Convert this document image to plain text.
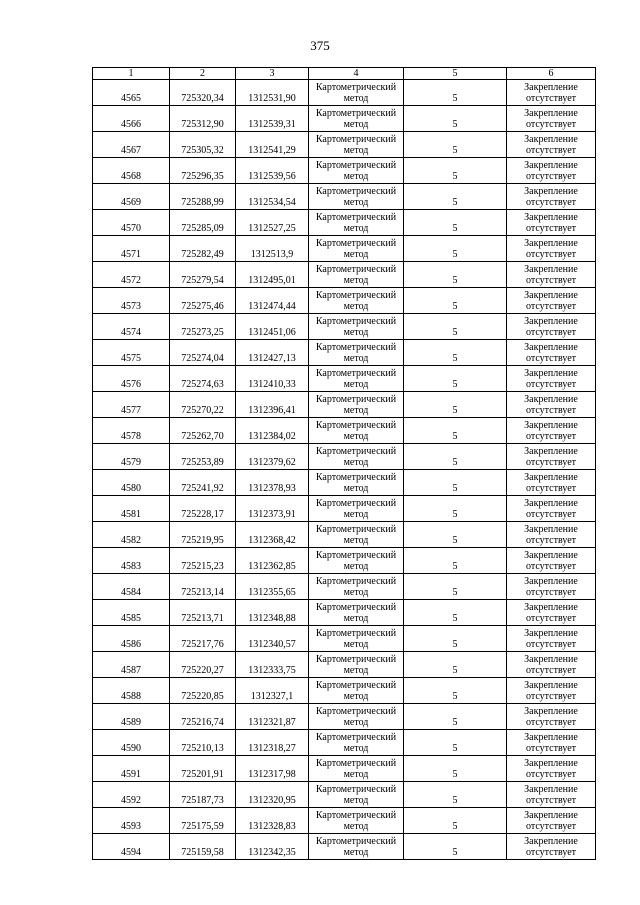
375
1	2	3	4	5	6
4565	725320,34	1312531,90	Картометрический метод	5	Закрепление отсутствует
4566	725312,90	1312539,31	Картометрический метод	5	Закрепление отсутствует
4567	725305,32	1312541,29	Картометрический метод	5	Закрепление отсутствует
4568	725296,35	1312539,56	Картометрический метод	5	Закрепление отсутствует
4569	725288,99	1312534,54	Картометрический метод	5	Закрепление отсутствует
4570	725285,09	1312527,25	Картометрический метод	5	Закрепление отсутствует
4571	725282,49	1312513,9	Картометрический метод	5	Закрепление отсутствует
4572	725279,54	1312495,01	Картометрический метод	5	Закрепление отсутствует
4573	725275,46	1312474,44	Картометрический метод	5	Закрепление отсутствует
4574	725273,25	1312451,06	Картометрический метод	5	Закрепление отсутствует
4575	725274,04	1312427,13	Картометрический метод	5	Закрепление отсутствует
4576	725274,63	1312410,33	Картометрический метод	5	Закрепление отсутствует
4577	725270,22	1312396,41	Картометрический метод	5	Закрепление отсутствует
4578	725262,70	1312384,02	Картометрический метод	5	Закрепление отсутствует
4579	725253,89	1312379,62	Картометрический метод	5	Закрепление отсутствует
4580	725241,92	1312378,93	Картометрический метод	5	Закрепление отсутствует
4581	725228,17	1312373,91	Картометрический метод	5	Закрепление отсутствует
4582	725219,95	1312368,42	Картометрический метод	5	Закрепление отсутствует
4583	725215,23	1312362,85	Картометрический метод	5	Закрепление отсутствует
4584	725213,14	1312355,65	Картометрический метод	5	Закрепление отсутствует
4585	725213,71	1312348,88	Картометрический метод	5	Закрепление отсутствует
4586	725217,76	1312340,57	Картометрический метод	5	Закрепление отсутствует
4587	725220,27	1312333,75	Картометрический метод	5	Закрепление отсутствует
4588	725220,85	1312327,1	Картометрический метод	5	Закрепление отсутствует
4589	725216,74	1312321,87	Картометрический метод	5	Закрепление отсутствует
4590	725210,13	1312318,27	Картометрический метод	5	Закрепление отсутствует
4591	725201,91	1312317,98	Картометрический метод	5	Закрепление отсутствует
4592	725187,73	1312320,95	Картометрический метод	5	Закрепление отсутствует
4593	725175,59	1312328,83	Картометрический метод	5	Закрепление отсутствует
4594	725159,58	1312342,35	Картометрический метод	5	Закрепление отсутствует
